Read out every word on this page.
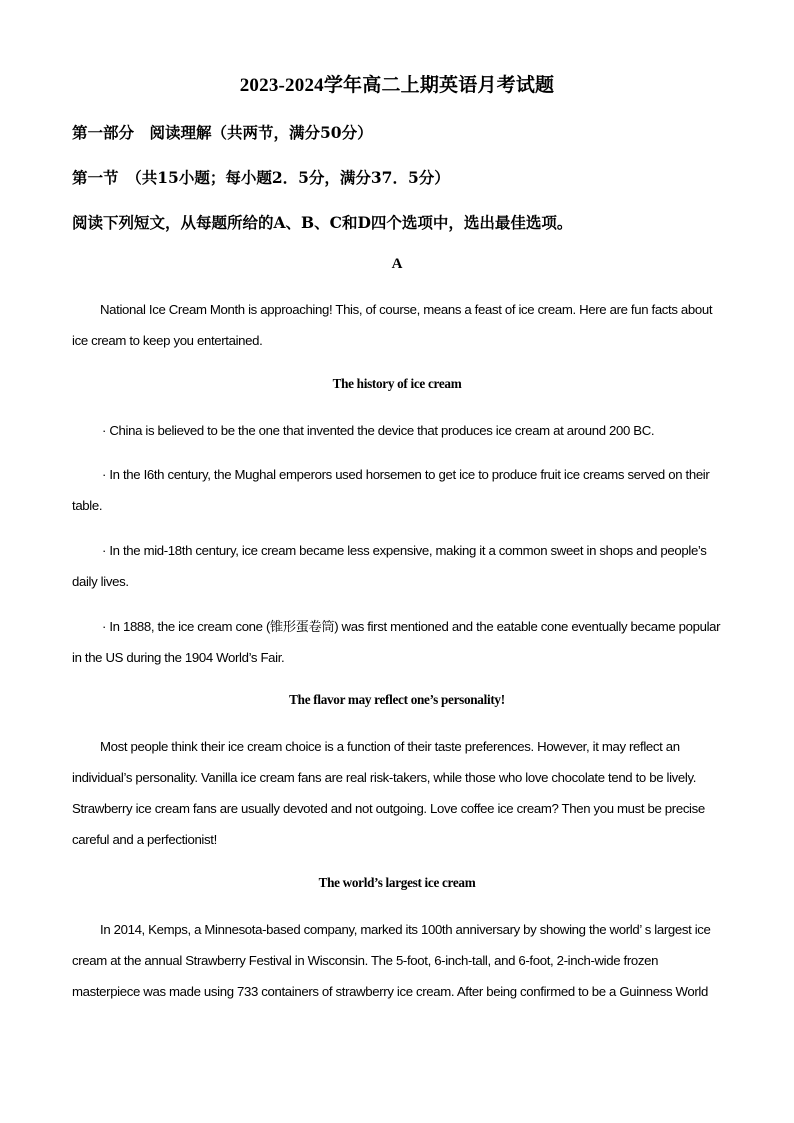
2023-2024学年高二上期英语月考试题
第一部分　阅读理解（共两节，满分50分）
第一节　（共15小题；每小题2．5分，满分37．5分）
阅读下列短文，从每题所给的A、B、C和D四个选项中，选出最佳选项。
A

National Ice Cream Month is approaching! This, of course, means a feast of ice cream. Here are fun facts about ice cream to keep you entertained.

The history of ice cream

· China is believed to be the one that invented the device that produces ice cream at around 200 BC.

· In the I6th century, the Mughal emperors used horsemen to get ice to produce fruit ice creams served on their table.

· In the mid-18th century, ice cream became less expensive, making it a common sweet in shops and people’s daily lives.

· In 1888, the ice cream cone (锥形蛋卷筒) was first mentioned and the eatable cone eventually became popular in the US during the 1904 World’s Fair.

The flavor may reflect one’s personality!

Most people think their ice cream choice is a function of their taste preferences. However, it may reflect an individual’s personality. Vanilla ice cream fans are real risk-takers, while those who love chocolate tend to be lively. Strawberry ice cream fans are usually devoted and not outgoing. Love coffee ice cream? Then you must be precise careful and a perfectionist!

The world’s largest ice cream

In 2014, Kemps, a Minnesota-based company, marked its 100th anniversary by showing the world’ s largest ice cream at the annual Strawberry Festival in Wisconsin. The 5-foot, 6-inch-tall, and 6-foot, 2-inch-wide frozen masterpiece was made using 733 containers of strawberry ice cream. After being confirmed to be a Guinness World
